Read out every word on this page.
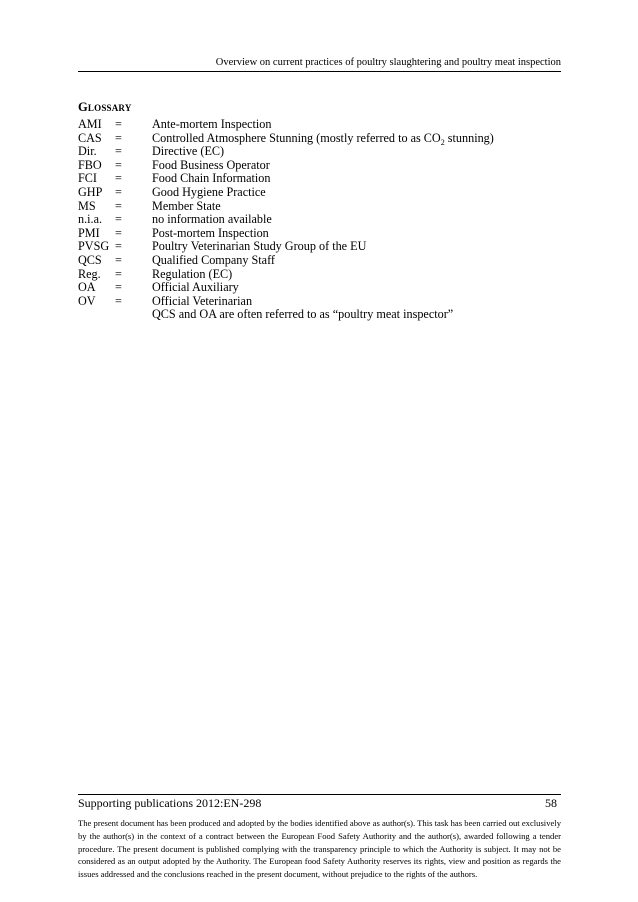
Overview on current practices of poultry slaughtering and poultry meat inspection
Glossary
AMI = Ante-mortem Inspection
CAS = Controlled Atmosphere Stunning (mostly referred to as $CO_2$ stunning)
Dir. = Directive (EC)
FBO = Food Business Operator
FCI = Food Chain Information
GHP = Good Hygiene Practice
MS = Member State
n.i.a. = no information available
PMI = Post-mortem Inspection
PVSG = Poultry Veterinarian Study Group of the EU
QCS = Qualified Company Staff
Reg. = Regulation (EC)
OA = Official Auxiliary
OV = Official Veterinarian
QCS and OA are often referred to as “poultry meat inspector”
Supporting publications 2012:EN-298	58
The present document has been produced and adopted by the bodies identified above as author(s). This task has been carried out exclusively by the author(s) in the context of a contract between the European Food Safety Authority and the author(s), awarded following a tender procedure. The present document is published complying with the transparency principle to which the Authority is subject. It may not be considered as an output adopted by the Authority. The European food Safety Authority reserves its rights, view and position as regards the issues addressed and the conclusions reached in the present document, without prejudice to the rights of the authors.
